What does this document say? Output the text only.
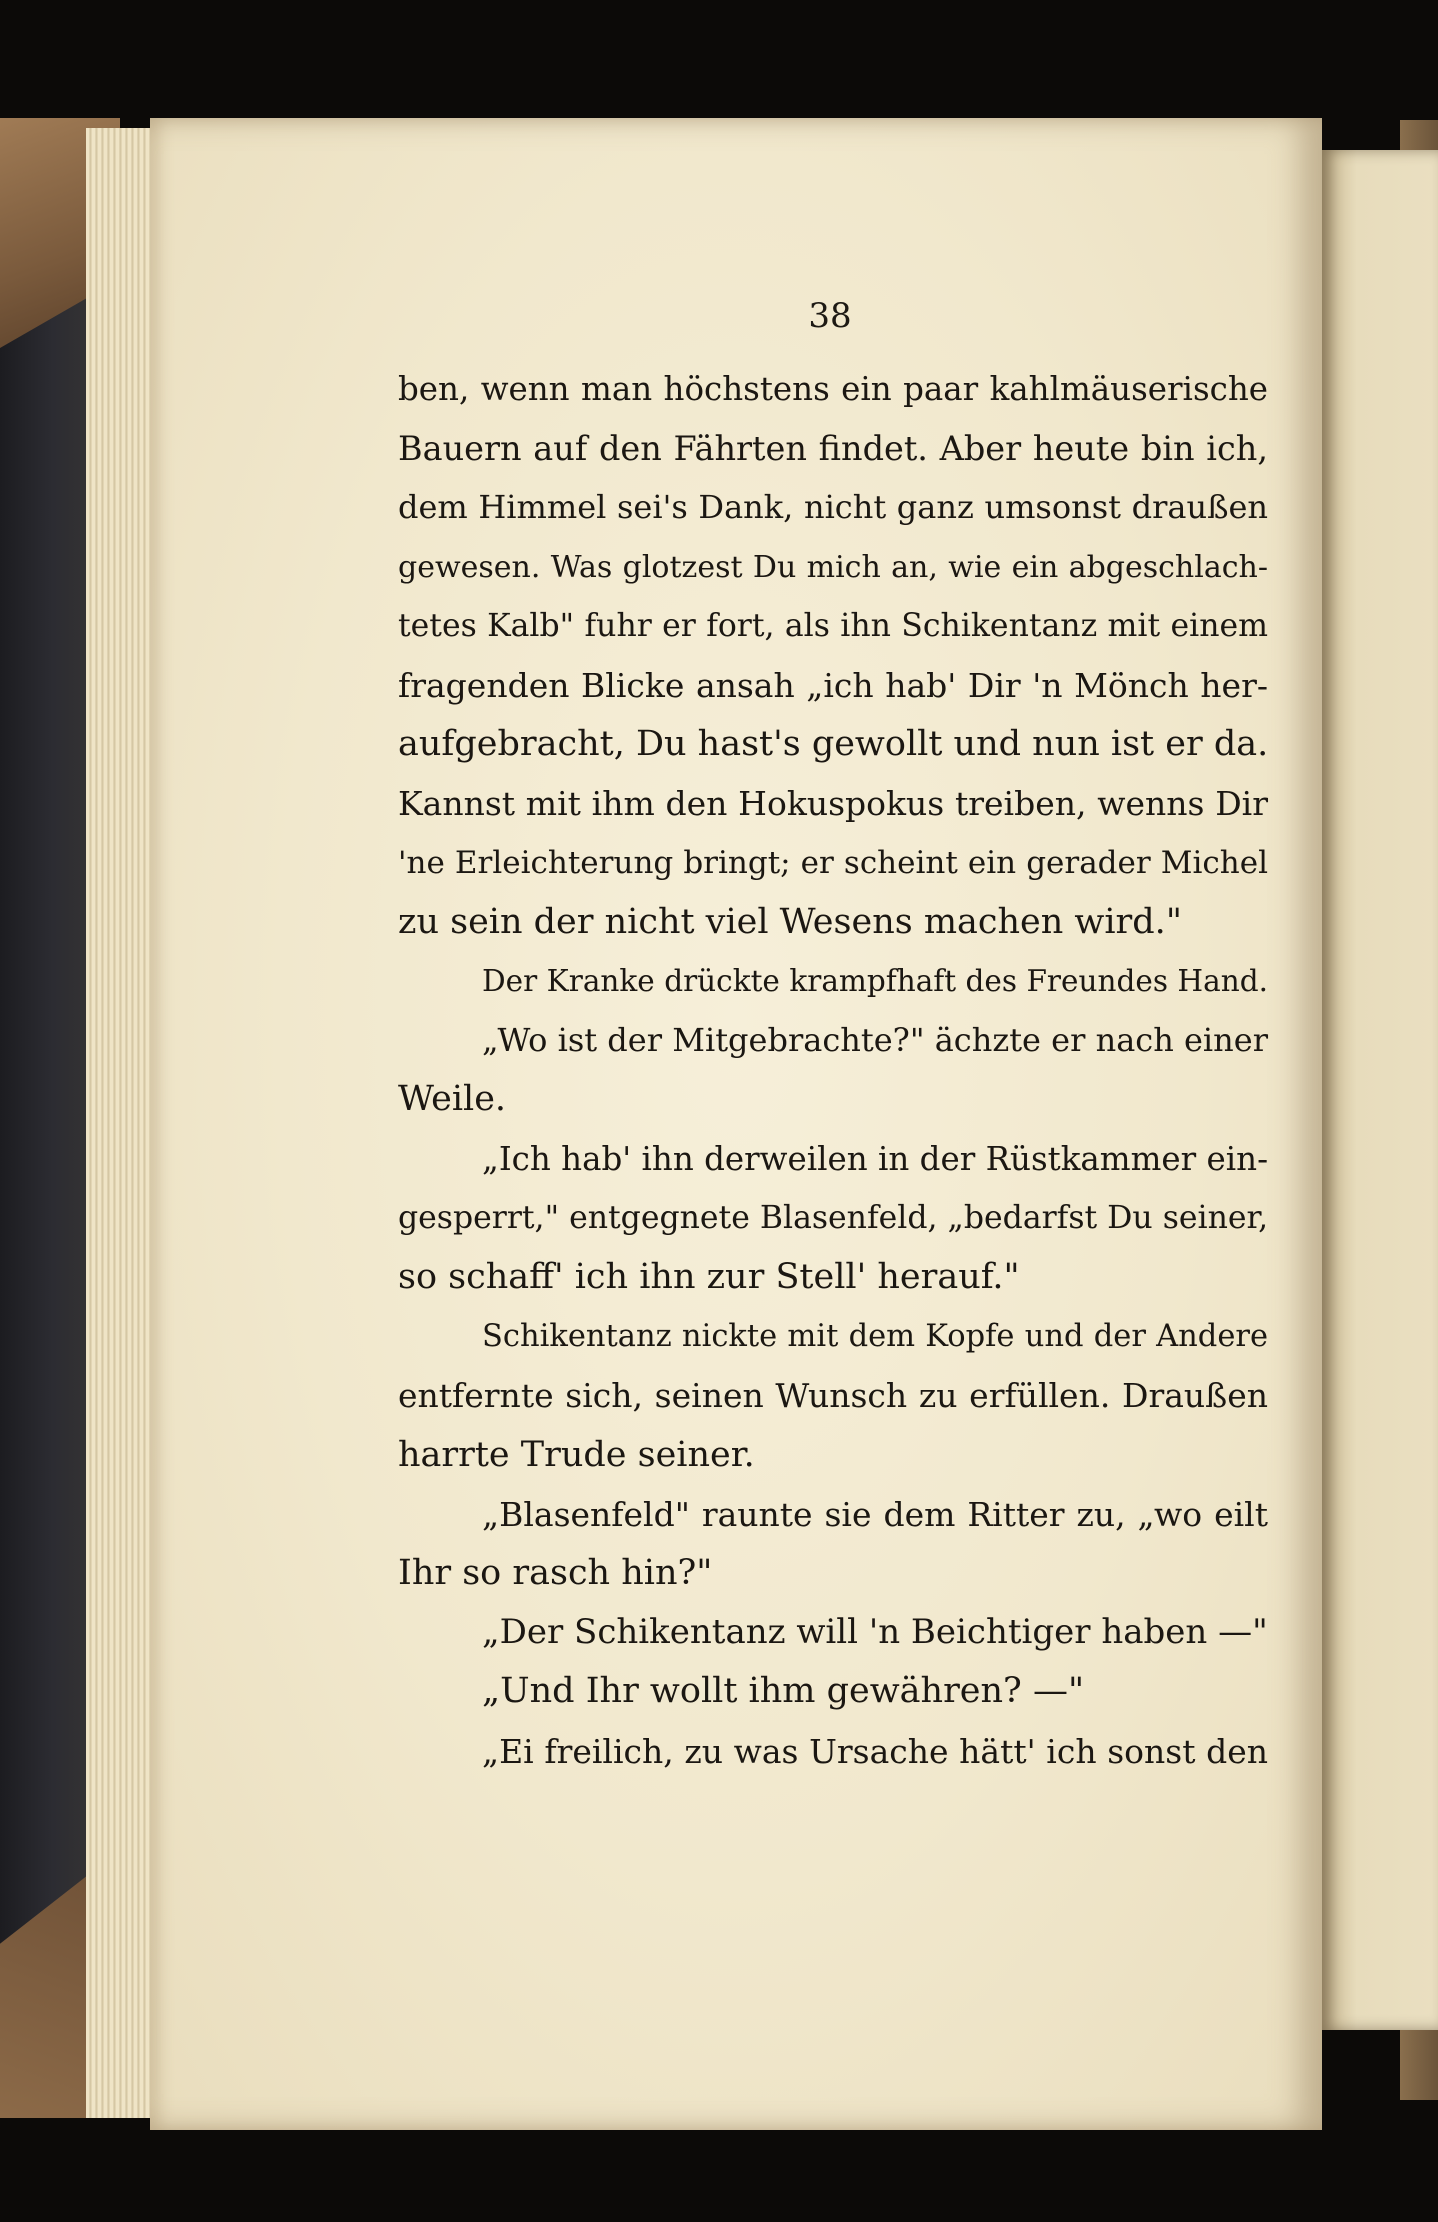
38
ben, wenn man höchstens ein paar kahlmäuserische
Bauern auf den Fährten findet. Aber heute bin ich,
dem Himmel sei's Dank, nicht ganz umsonst draußen
gewesen. Was glotzest Du mich an, wie ein abgeschlach-
tetes Kalb" fuhr er fort, als ihn Schikentanz mit einem
fragenden Blicke ansah „ich hab' Dir 'n Mönch her-
aufgebracht, Du hast's gewollt und nun ist er da.
Kannst mit ihm den Hokuspokus treiben, wenns Dir
'ne Erleichterung bringt; er scheint ein gerader Michel
zu sein der nicht viel Wesens machen wird."
Der Kranke drückte krampfhaft des Freundes Hand.
„Wo ist der Mitgebrachte?" ächzte er nach einer
Weile.
„Ich hab' ihn derweilen in der Rüstkammer ein-
gesperrt," entgegnete Blasenfeld, „bedarfst Du seiner,
so schaff' ich ihn zur Stell' herauf."
Schikentanz nickte mit dem Kopfe und der Andere
entfernte sich, seinen Wunsch zu erfüllen. Draußen
harrte Trude seiner.
„Blasenfeld" raunte sie dem Ritter zu, „wo eilt
Ihr so rasch hin?"
„Der Schikentanz will 'n Beichtiger haben —"
„Und Ihr wollt ihm gewähren? —"
„Ei freilich, zu was Ursache hätt' ich sonst den
